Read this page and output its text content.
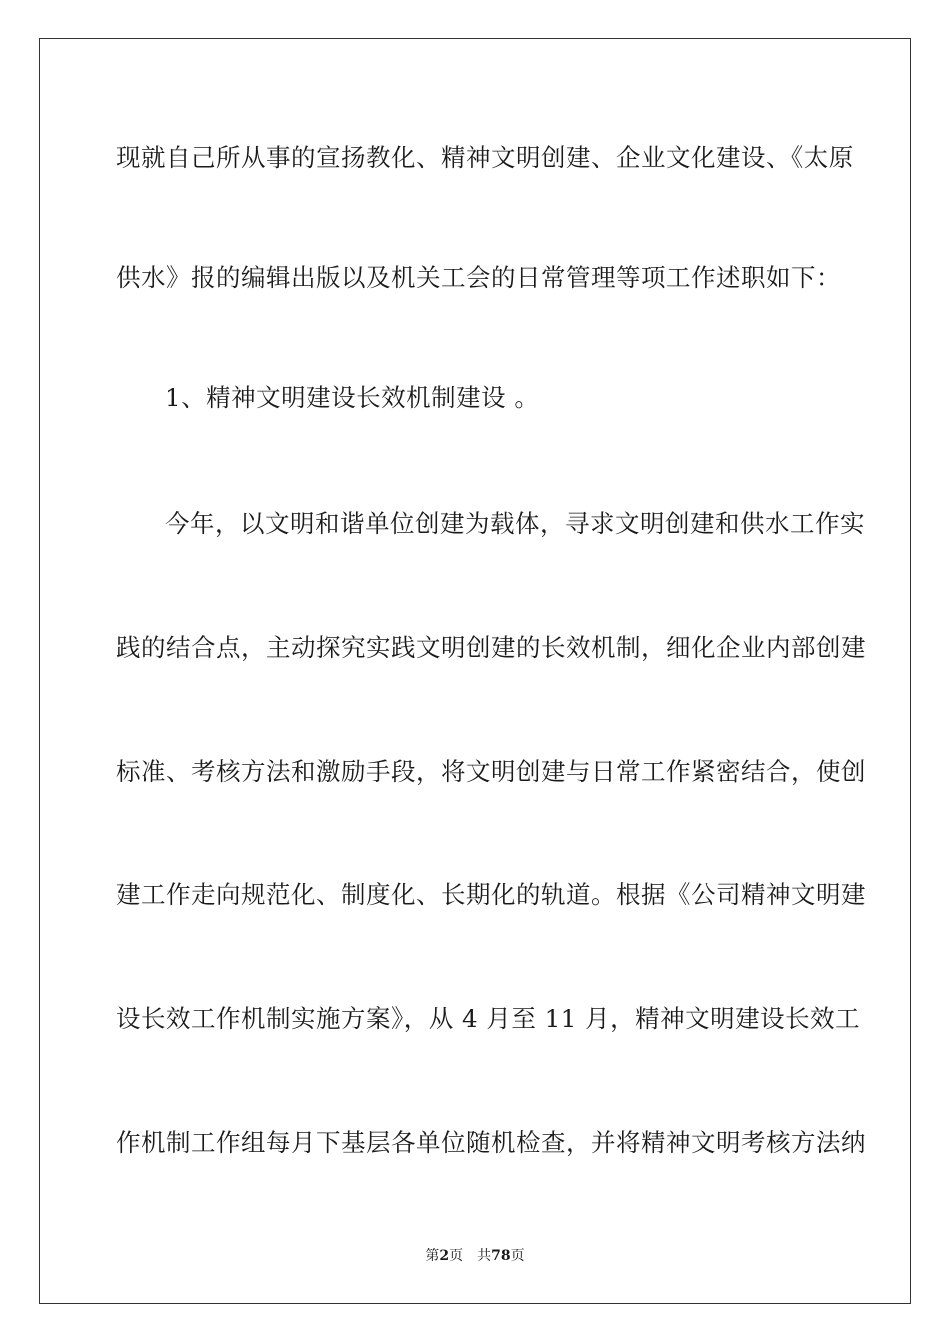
现就自己所从事的宣扬教化、精神文明创建、企业文化建设、《太原
供水》报的编辑出版以及机关工会的日常管理等项工作述职如下：
1、精神文明建设长效机制建设 。
今年，以文明和谐单位创建为载体，寻求文明创建和供水工作实
践的结合点，主动探究实践文明创建的长效机制，细化企业内部创建
标准、考核方法和激励手段，将文明创建与日常工作紧密结合，使创
建工作走向规范化、制度化、长期化的轨道。根据《公司精神文明建
设长效工作机制实施方案》，从 4 月至 11 月，精神文明建设长效工
作机制工作组每月下基层各单位随机检查，并将精神文明考核方法纳
第2页 共78页
